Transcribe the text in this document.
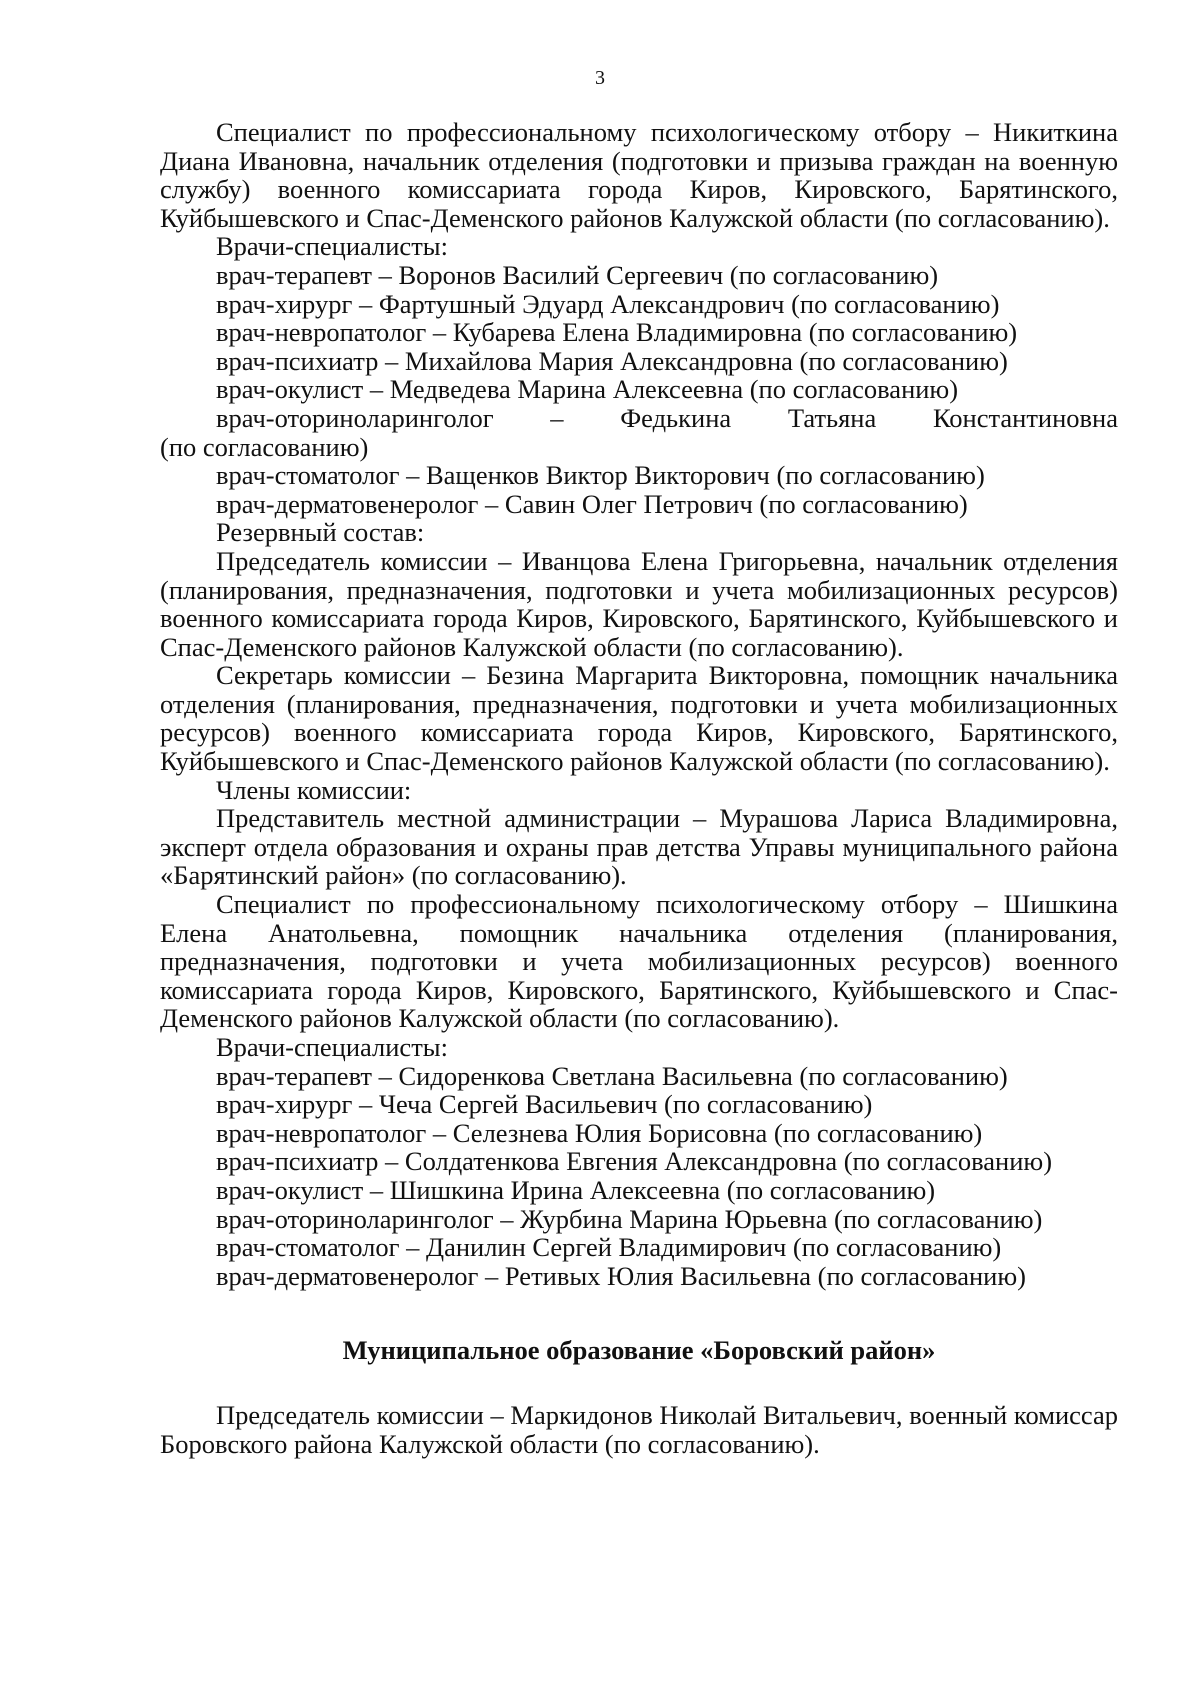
3

Специалист по профессиональному психологическому отбору – Никиткина Диана Ивановна, начальник отделения (подготовки и призыва граждан на военную службу) военного комиссариата города Киров, Кировского, Барятинского, Куйбышевского и Спас-Деменского районов Калужской области (по согласованию).

Врачи-специалисты:

врач-терапевт – Воронов Василий Сергеевич (по согласованию)

врач-хирург – Фартушный Эдуард Александрович (по согласованию)

врач-невропатолог – Кубарева Елена Владимировна (по согласованию)

врач-психиатр – Михайлова Мария Александровна (по согласованию)

врач-окулист – Медведева Марина Алексеевна (по согласованию)

врач-оториноларинголог – Федькина Татьяна Константиновна

(по согласованию)

врач-стоматолог – Ващенков Виктор Викторович (по согласованию)

врач-дерматовенеролог – Савин Олег Петрович (по согласованию)

Резервный состав:

Председатель комиссии – Иванцова Елена Григорьевна, начальник отделения (планирования, предназначения, подготовки и учета мобилизационных ресурсов) военного комиссариата города Киров, Кировского, Барятинского, Куйбышевского и Спас-Деменского районов Калужской области (по согласованию).

Секретарь комиссии – Безина Маргарита Викторовна, помощник начальника отделения (планирования, предназначения, подготовки и учета мобилизационных ресурсов) военного комиссариата города Киров, Кировского, Барятинского, Куйбышевского и Спас-Деменского районов Калужской области (по согласованию).

Члены комиссии:

Представитель местной администрации – Мурашова Лариса Владимировна, эксперт отдела образования и охраны прав детства Управы муниципального района «Барятинский район» (по согласованию).

Специалист по профессиональному психологическому отбору – Шишкина Елена Анатольевна, помощник начальника отделения (планирования, предназначения, подготовки и учета мобилизационных ресурсов) военного комиссариата города Киров, Кировского, Барятинского, Куйбышевского и Спас-Деменского районов Калужской области (по согласованию).

Врачи-специалисты:

врач-терапевт – Сидоренкова Светлана Васильевна (по согласованию)

врач-хирург – Чеча Сергей Васильевич (по согласованию)

врач-невропатолог – Селезнева Юлия Борисовна (по согласованию)

врач-психиатр – Солдатенкова Евгения Александровна (по согласованию)

врач-окулист – Шишкина Ирина Алексеевна (по согласованию)

врач-оториноларинголог – Журбина Марина Юрьевна (по согласованию)

врач-стоматолог – Данилин Сергей Владимирович (по согласованию)

врач-дерматовенеролог – Ретивых Юлия Васильевна (по согласованию)

Муниципальное образование «Боровский район»

Председатель комиссии – Маркидонов Николай Витальевич, военный комиссар Боровского района Калужской области (по согласованию).
